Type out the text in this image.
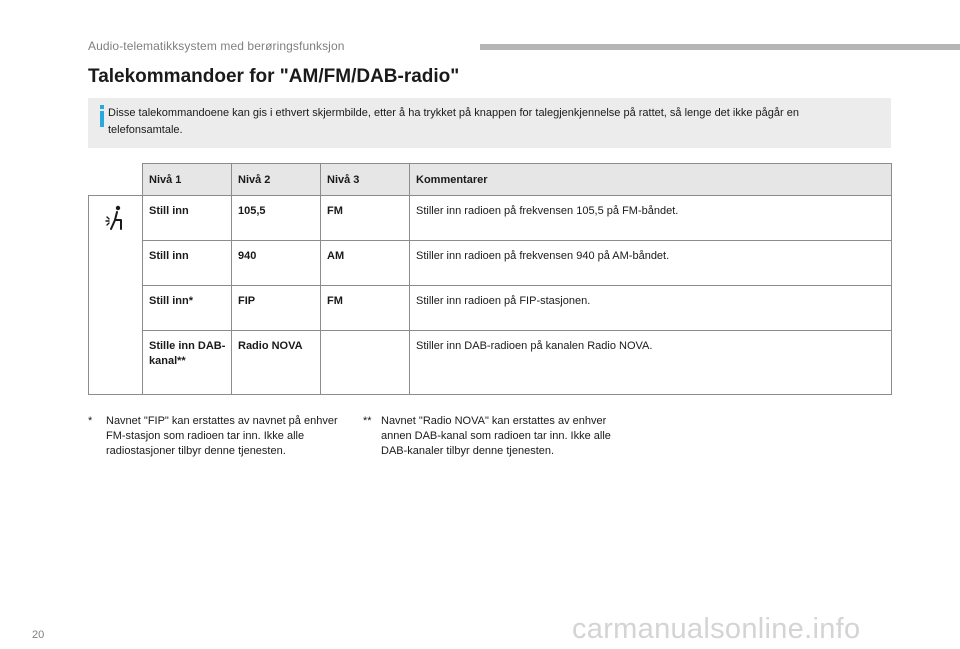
Audio-telematikksystem med berøringsfunksjon
Talekommandoer for "AM/FM/DAB-radio"
Disse talekommandoene kan gis i ethvert skjermbilde, etter å ha trykket på knappen for talegjenkjennelse på rattet, så lenge det ikke pågår en telefonsamtale.
	Nivå 1	Nivå 2	Nivå 3	Kommentarer
	Still inn	105,5	FM	Stiller inn radioen på frekvensen 105,5 på FM-båndet.
	Still inn	940	AM	Stiller inn radioen på frekvensen 940 på AM-båndet.
	Still inn*	FIP	FM	Stiller inn radioen på FIP-stasjonen.
	Stille inn DAB-kanal**	Radio NOVA		Stiller inn DAB-radioen på kanalen Radio NOVA.
* Navnet "FIP" kan erstattes av navnet på enhver FM-stasjon som radioen tar inn. Ikke alle radiostasjoner tilbyr denne tjenesten.
** Navnet "Radio NOVA" kan erstattes av enhver annen DAB-kanal som radioen tar inn. Ikke alle DAB-kanaler tilbyr denne tjenesten.
20	carmanualsonline.info
